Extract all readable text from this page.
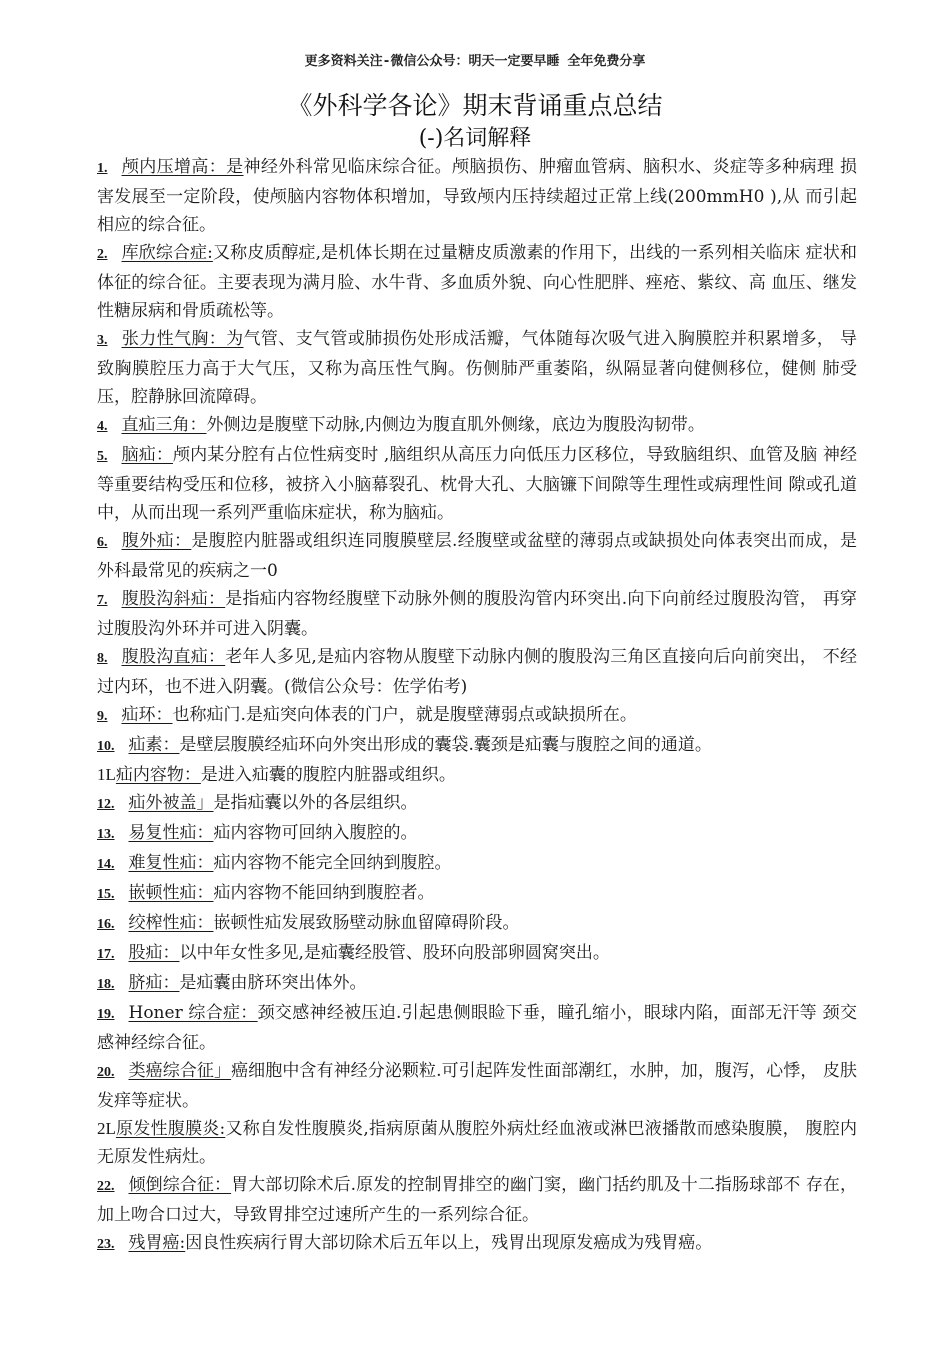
更多资料关注-微信公众号：明天一定要早睡 全年免费分享
《外科学各论》期末背诵重点总结
(-)名词解释

1. 颅内压增高：是神经外科常见临床综合征。颅脑损伤、肿瘤血管病、脑积水、炎症等多种病理 损害发展至一定阶段，使颅脑内容物体积增加，导致颅内压持续超过正常上线(200mmH0 ),从 而引起相应的综合征。

2. 库欣综合症:又称皮质醇症,是机体长期在过量糖皮质激素的作用下，出线的一系列相关临床 症状和体征的综合征。主要表现为满月脸、水牛背、多血质外貌、向心性肥胖、痤疮、紫纹、高 血压、继发性糖尿病和骨质疏松等。

3. 张力性气胸：为气管、支气管或肺损伤处形成活瓣，气体随每次吸气进入胸膜腔并积累增多， 导致胸膜腔压力高于大气压，又称为高压性气胸。伤侧肺严重萎陷，纵隔显著向健侧移位，健侧 肺受压，腔静脉回流障碍。

4. 直疝三角：外侧边是腹壁下动脉,内侧边为腹直肌外侧缘，底边为腹股沟韧带。

5. 脑疝：颅内某分腔有占位性病变时 ,脑组织从高压力向低压力区移位，导致脑组织、血管及脑 神经等重要结构受压和位移，被挤入小脑幕裂孔、枕骨大孔、大脑镰下间隙等生理性或病理性间 隙或孔道中，从而出现一系列严重临床症状，称为脑疝。

6. 腹外疝：是腹腔内脏器或组织连同腹膜壁层.经腹壁或盆壁的薄弱点或缺损处向体表突出而成，是外科最常见的疾病之一0

7. 腹股沟斜疝：是指疝内容物经腹壁下动脉外侧的腹股沟管内环突出.向下向前经过腹股沟管， 再穿过腹股沟外环并可进入阴囊。

8. 腹股沟直疝：老年人多见,是疝内容物从腹壁下动脉内侧的腹股沟三角区直接向后向前突出， 不经过内环，也不进入阴囊。(微信公众号：佐学佑考)

9. 疝环：也称疝门.是疝突向体表的门户，就是腹壁薄弱点或缺损所在。

10. 疝素：是壁层腹膜经疝环向外突出形成的囊袋.囊颈是疝囊与腹腔之间的通道。

1L疝内容物：是进入疝囊的腹腔内脏器或组织。

12. 疝外被盖」是指疝囊以外的各层组织。

13. 易复性疝：疝内容物可回纳入腹腔的。

14. 难复性疝：疝内容物不能完全回纳到腹腔。

15. 嵌顿性疝：疝内容物不能回纳到腹腔者。

16. 绞榨性疝：嵌顿性疝发展致肠壁动脉血留障碍阶段。

17. 股疝：以中年女性多见,是疝囊经股管、股环向股部卵圆窝突出。

18. 脐疝：是疝囊由脐环突出体外。

19. Honer 综合症：颈交感神经被压迫.引起患侧眼睑下垂，瞳孔缩小，眼球内陷，面部无汗等 颈交感神经综合征。

20. 类癌综合征」癌细胞中含有神经分泌颗粒.可引起阵发性面部潮红，水肿，加，腹泻，心悸， 皮肤发痒等症状。

2L原发性腹膜炎:又称自发性腹膜炎,指病原菌从腹腔外病灶经血液或淋巴液播散而感染腹膜， 腹腔内无原发性病灶。

22. 倾倒综合征：胃大部切除术后.原发的控制胃排空的幽门窦，幽门括约肌及十二指肠球部不 存在，加上吻合口过大，导致胃排空过速所产生的一系列综合征。

23. 残胃癌:因良性疾病行胃大部切除术后五年以上，残胃出现原发癌成为残胃癌。
